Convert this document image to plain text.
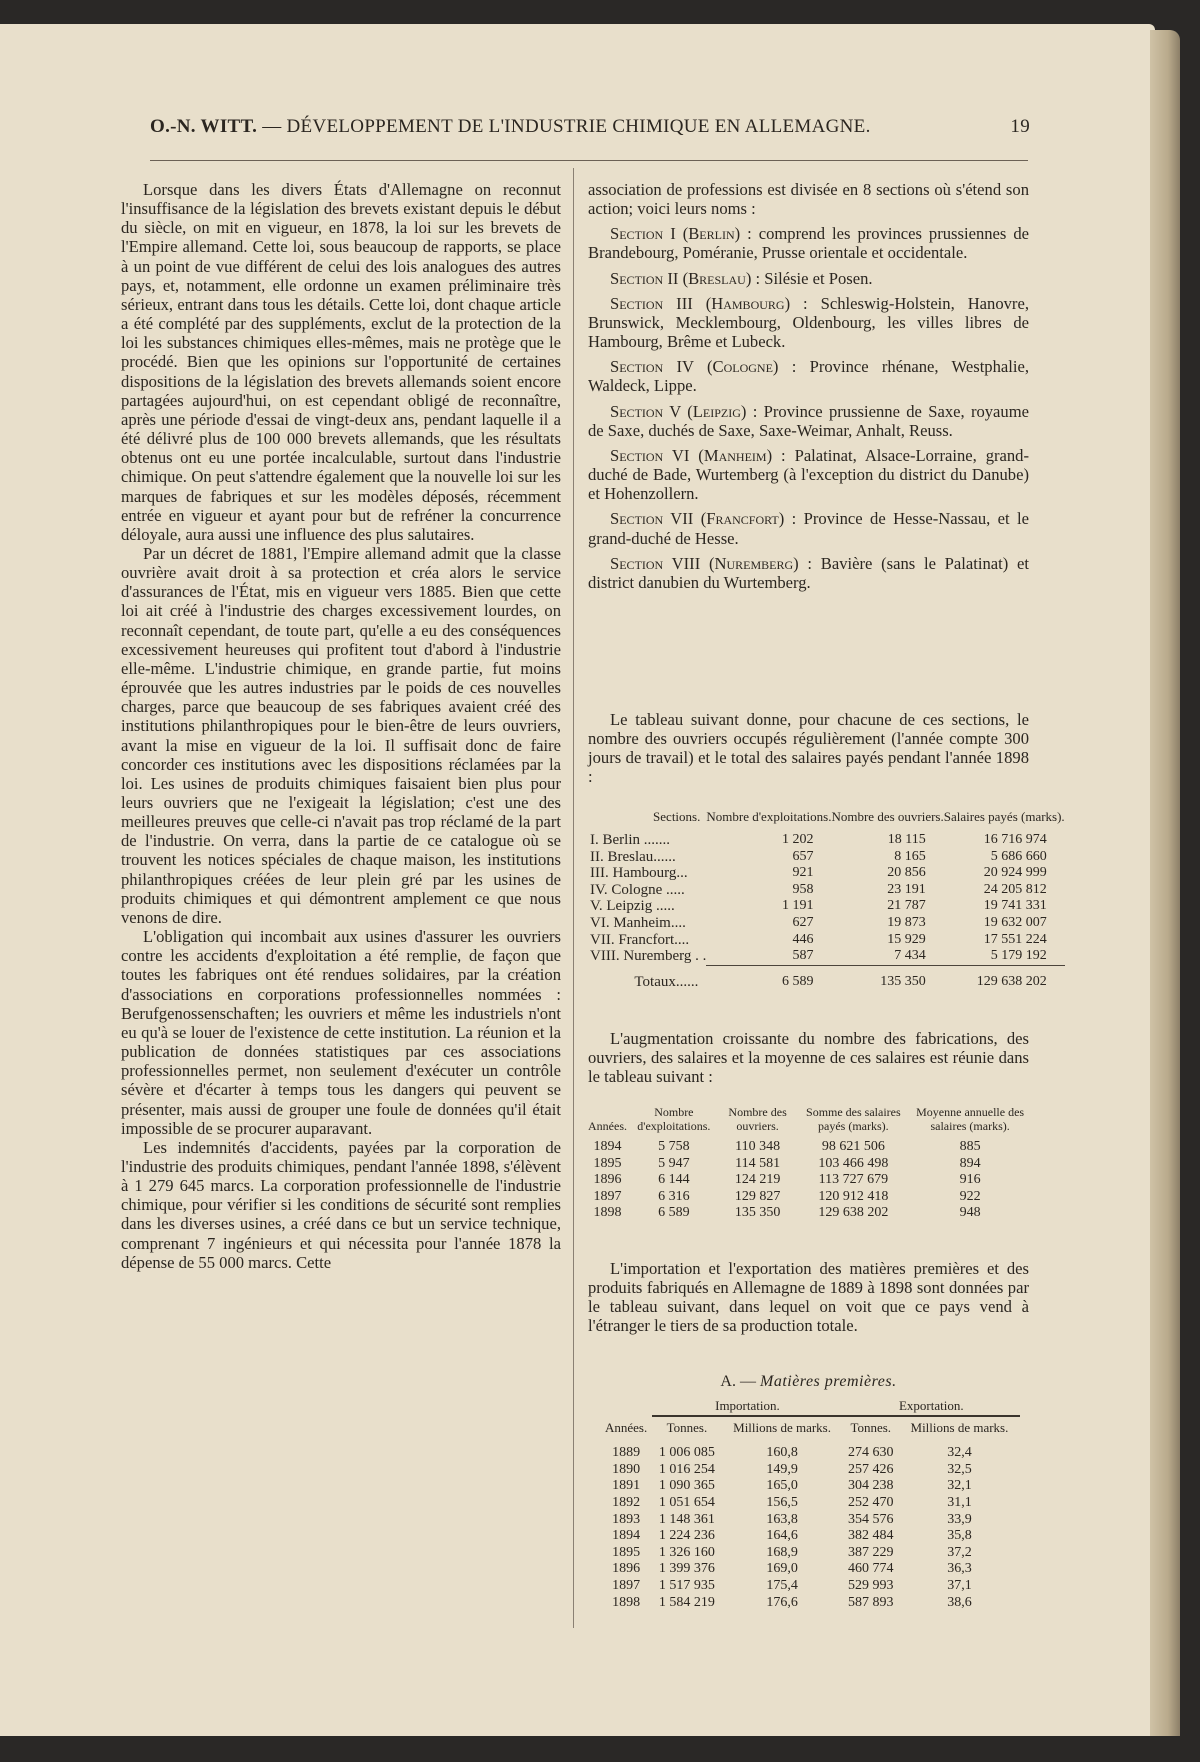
O.-N. WITT. — DÉVELOPPEMENT DE L'INDUSTRIE CHIMIQUE EN ALLEMAGNE.	19

Lorsque dans les divers États d'Allemagne on reconnut l'insuffisance de la législation des brevets existant depuis le début du siècle, on mit en vigueur, en 1878, la loi sur les brevets de l'Empire allemand. Cette loi, sous beaucoup de rapports, se place à un point de vue différent de celui des lois analogues des autres pays, et, notamment, elle ordonne un examen préliminaire très sérieux, entrant dans tous les détails. Cette loi, dont chaque article a été complété par des suppléments, exclut de la protection de la loi les substances chimiques elles-mêmes, mais ne protège que le procédé. Bien que les opinions sur l'opportunité de certaines dispositions de la législation des brevets allemands soient encore partagées aujourd'hui, on est cependant obligé de reconnaître, après une période d'essai de vingt-deux ans, pendant laquelle il a été délivré plus de 100 000 brevets allemands, que les résultats obtenus ont eu une portée incalculable, surtout dans l'industrie chimique. On peut s'attendre également que la nouvelle loi sur les marques de fabriques et sur les modèles déposés, récemment entrée en vigueur et ayant pour but de refréner la concurrence déloyale, aura aussi une influence des plus salutaires.

Par un décret de 1881, l'Empire allemand admit que la classe ouvrière avait droit à sa protection et créa alors le service d'assurances de l'État, mis en vigueur vers 1885. Bien que cette loi ait créé à l'industrie des charges excessivement lourdes, on reconnaît cependant, de toute part, qu'elle a eu des conséquences excessivement heureuses qui profitent tout d'abord à l'industrie elle-même. L'industrie chimique, en grande partie, fut moins éprouvée que les autres industries par le poids de ces nouvelles charges, parce que beaucoup de ses fabriques avaient créé des institutions philanthropiques pour le bien-être de leurs ouvriers, avant la mise en vigueur de la loi. Il suffisait donc de faire concorder ces institutions avec les dispositions réclamées par la loi. Les usines de produits chimiques faisaient bien plus pour leurs ouvriers que ne l'exigeait la législation; c'est une des meilleures preuves que celle-ci n'avait pas trop réclamé de la part de l'industrie. On verra, dans la partie de ce catalogue où se trouvent les notices spéciales de chaque maison, les institutions philanthropiques créées de leur plein gré par les usines de produits chimiques et qui démontrent amplement ce que nous venons de dire.

L'obligation qui incombait aux usines d'assurer les ouvriers contre les accidents d'exploitation a été remplie, de façon que toutes les fabriques ont été rendues solidaires, par la création d'associations en corporations professionnelles nommées : Berufgenossenschaften; les ouvriers et même les industriels n'ont eu qu'à se louer de l'existence de cette institution. La réunion et la publication de données statistiques par ces associations professionnelles permet, non seulement d'exécuter un contrôle sévère et d'écarter à temps tous les dangers qui peuvent se présenter, mais aussi de grouper une foule de données qu'il était impossible de se procurer auparavant.

Les indemnités d'accidents, payées par la corporation de l'industrie des produits chimiques, pendant l'année 1898, s'élèvent à 1 279 645 marcs. La corporation professionnelle de l'industrie chimique, pour vérifier si les conditions de sécurité sont remplies dans les diverses usines, a créé dans ce but un service technique, comprenant 7 ingénieurs et qui nécessita pour l'année 1878 la dépense de 55 000 marcs. Cette

association de professions est divisée en 8 sections où s'étend son action; voici leurs noms :

Section I (Berlin) : comprend les provinces prussiennes de Brandebourg, Poméranie, Prusse orientale et occidentale.

Section II (Breslau) : Silésie et Posen.

Section III (Hambourg) : Schleswig-Holstein, Hanovre, Brunswick, Mecklembourg, Oldenbourg, les villes libres de Hambourg, Brême et Lubeck.

Section IV (Cologne) : Province rhénane, Westphalie, Waldeck, Lippe.

Section V (Leipzig) : Province prussienne de Saxe, royaume de Saxe, duchés de Saxe, Saxe-Weimar, Anhalt, Reuss.

Section VI (Manheim) : Palatinat, Alsace-Lorraine, grand-duché de Bade, Wurtemberg (à l'exception du district du Danube) et Hohenzollern.

Section VII (Francfort) : Province de Hesse-Nassau, et le grand-duché de Hesse.

Section VIII (Nuremberg) : Bavière (sans le Palatinat) et district danubien du Wurtemberg.

Le tableau suivant donne, pour chacune de ces sections, le nombre des ouvriers occupés régulièrement (l'année compte 300 jours de travail) et le total des salaires payés pendant l'année 1898 :

Sections.	Nombre d'exploitations.	Nombre des ouvriers.	Salaires payés (marks).

I. Berlin .......	1 202	18 115	16 716 974
II. Breslau......	657	8 165	5 686 660
III. Hambourg...	921	20 856	20 924 999
IV. Cologne .....	958	23 191	24 205 812
V. Leipzig .....	1 191	21 787	19 741 331
VI. Manheim....	627	19 873	19 632 007
VII. Francfort....	446	15 929	17 551 224
VIII. Nuremberg . .	587	7 434	5 179 192
Totaux......	6 589	135 350	129 638 202

L'augmentation croissante du nombre des fabrications, des ouvriers, des salaires et la moyenne de ces salaires est réunie dans le tableau suivant :

Années.	Nombre d'exploitations.	Nombre des ouvriers.	Somme des salaires payés (marks).	Moyenne annuelle des salaires (marks).

1894	5 758	110 348	98 621 506	885
1895	5 947	114 581	103 466 498	894
1896	6 144	124 219	113 727 679	916
1897	6 316	129 827	120 912 418	922
1898	6 589	135 350	129 638 202	948

L'importation et l'exportation des matières premières et des produits fabriqués en Allemagne de 1889 à 1898 sont données par le tableau suivant, dans lequel on voit que ce pays vend à l'étranger le tiers de sa production totale.

A. — Matières premières.
	Importation.		Exportation.	
Années.	Tonnes.	Millions de marks.	Tonnes.	Millions de marks.

1889	1 006 085	160,8	274 630	32,4
1890	1 016 254	149,9	257 426	32,5
1891	1 090 365	165,0	304 238	32,1
1892	1 051 654	156,5	252 470	31,1
1893	1 148 361	163,8	354 576	33,9
1894	1 224 236	164,6	382 484	35,8
1895	1 326 160	168,9	387 229	37,2
1896	1 399 376	169,0	460 774	36,3
1897	1 517 935	175,4	529 993	37,1
1898	1 584 219	176,6	587 893	38,6
